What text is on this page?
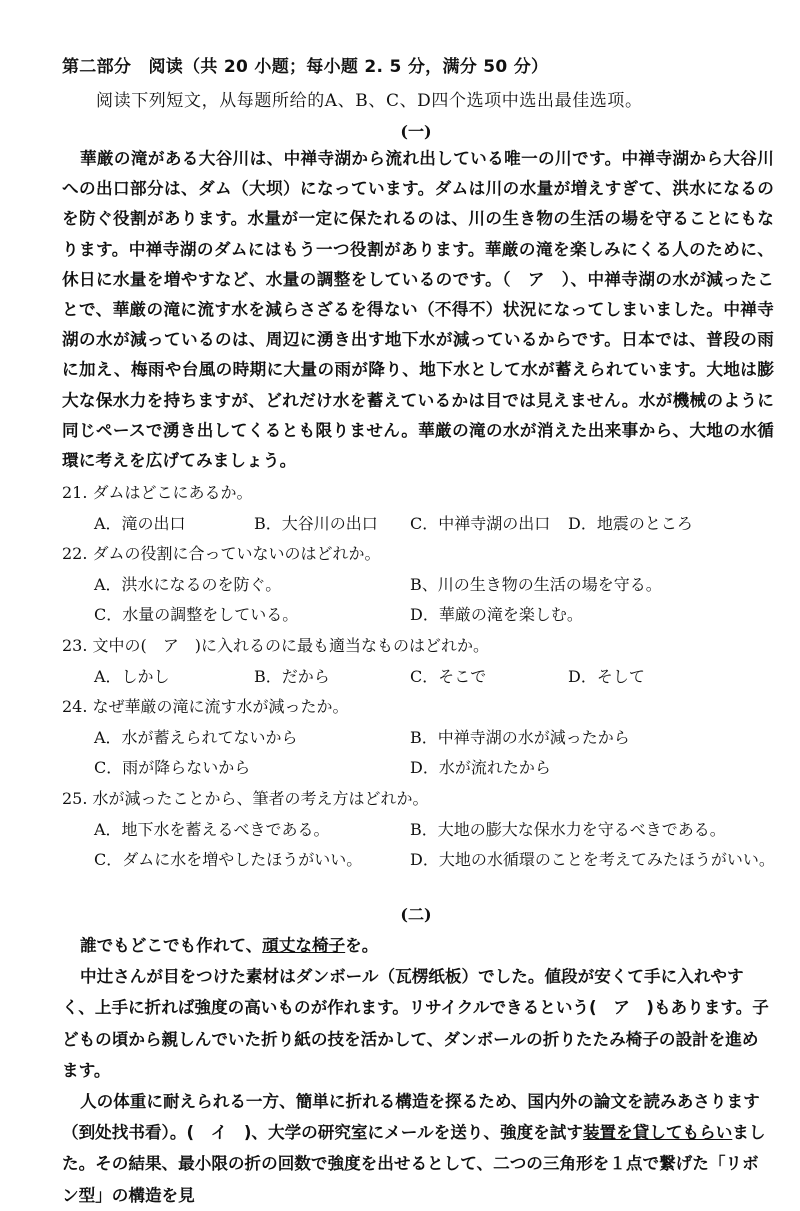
第二部分　阅读（共 20 小题；每小题 2. 5 分，满分 50 分）
阅读下列短文，从每题所给的A、B、C、D四个选项中选出最佳选项。
(一)

華厳の滝がある大谷川は、中禅寺湖から流れ出している唯一の川です。中禅寺湖から大谷川への出口部分は、ダム（大坝）になっています。ダムは川の水量が増えすぎて、洪水になるのを防ぐ役割があります。水量が一定に保たれるのは、川の生き物の生活の場を守ることにもなります。中禅寺湖のダムにはもう一つ役割があります。華厳の滝を楽しみにくる人のために、休日に水量を増やすなど、水量の調整をしているのです。（　ア　）、中禅寺湖の水が減ったことで、華厳の滝に流す水を減らさざるを得ない（不得不）状況になってしまいました。中禅寺湖の水が減っているのは、周辺に湧き出す地下水が減っているからです。日本では、普段の雨に加え、梅雨や台風の時期に大量の雨が降り、地下水として水が蓄えられています。大地は膨大な保水力を持ちますが、どれだけ水を蓄えているかは目では見えません。水が機械のように同じペースで湧き出してくるとも限りません。華厳の滝の水が消えた出来事から、大地の水循環に考えを広げてみましょう。

21. ダムはどこにあるか。
A．滝の出口	B．大谷川の出口 C．中禅寺湖の出口 D．地震のところ
22. ダムの役割に合っていないのはどれか。
A．洪水になるのを防ぐ。	B、川の生き物の生活の場を守る。
C．水量の調整をしている。	D．華厳の滝を楽しむ。
23. 文中の(　ア　)に入れるのに最も適当なものはどれか。
A．しかし	B．だから	C．そこで	D．そして
24. なぜ華厳の滝に流す水が減ったか。
A．水が蓄えられてないから	B．中禅寺湖の水が減ったから
C．雨が降らないから	D．水が流れたから
25. 水が減ったことから、筆者の考え方はどれか。
A．地下水を蓄えるべきである。	B．大地の膨大な保水力を守るべきである。
C．ダムに水を増やしたほうがいい。	D．大地の水循環のことを考えてみたほうがいい。
(二)

誰でもどこでも作れて、頑丈な椅子を。

中辻さんが目をつけた素材はダンボール（瓦楞纸板）でした。値段が安くて手に入れやすく、上手に折れば強度の高いものが作れます。リサイクルできるという(　ア　)もあります。子どもの頃から親しんでいた折り紙の技を活かして、ダンボールの折りたたみ椅子の設計を進めます。

人の体重に耐えられる一方、簡単に折れる構造を探るため、国内外の論文を読みあさります（到处找书看）。(　イ　)、大学の研究室にメールを送り、強度を試す装置を貸してもらいました。その結果、最小限の折の回数で強度を出せるとして、二つの三角形を１点で繋げた「リボン型」の構造を見
